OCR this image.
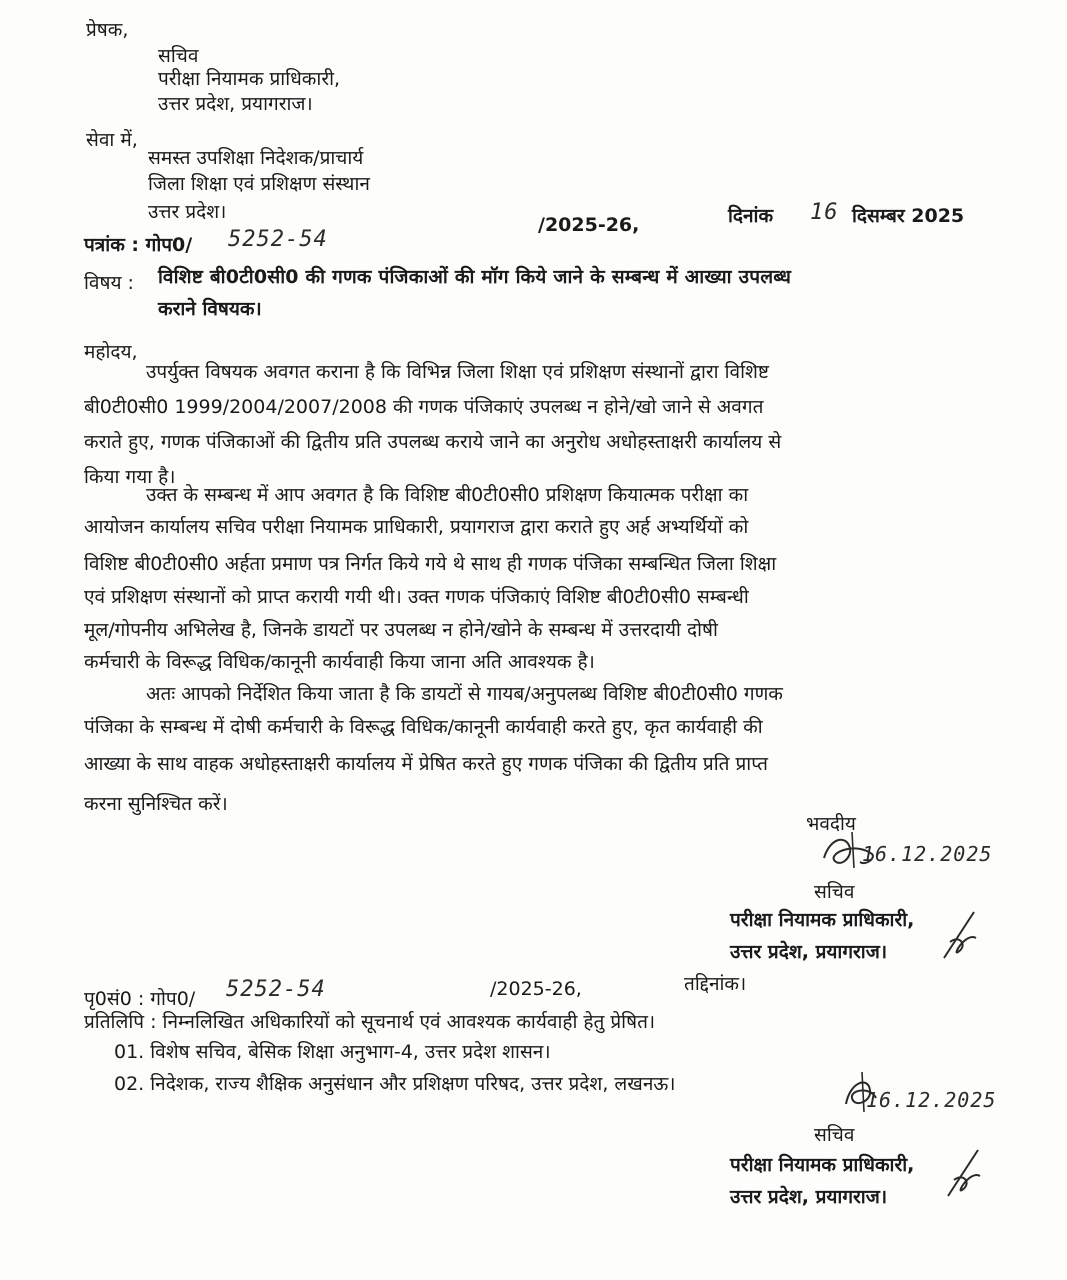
प्रेषक,
सचिव
परीक्षा नियामक प्राधिकारी,
उत्तर प्रदेश, प्रयागराज।
सेवा में,
समस्त उपशिक्षा निदेशक/प्राचार्य
जिला शिक्षा एवं प्रशिक्षण संस्थान
उत्तर प्रदेश।
पत्रांक : गोप0/ 5252-54
/2025-26,	दिनांक 16 दिसम्बर 2025
विषय : विशिष्ट बी0टी0सी0 की गणक पंजिकाओं की मॉग किये जाने के सम्बन्ध में आख्या उपलब्ध
कराने विषयक।
महोदय,
उपर्युक्त विषयक अवगत कराना है कि विभिन्न जिला शिक्षा एवं प्रशिक्षण संस्थानों द्वारा विशिष्ट
बी0टी0सी0 1999/2004/2007/2008 की गणक पंजिकाएं उपलब्ध न होने/खो जाने से अवगत
कराते हुए, गणक पंजिकाओं की द्वितीय प्रति उपलब्ध कराये जाने का अनुरोध अधोहस्ताक्षरी कार्यालय से
किया गया है।
उक्त के सम्बन्ध में आप अवगत है कि विशिष्ट बी0टी0सी0 प्रशिक्षण कियात्मक परीक्षा का
आयोजन कार्यालय सचिव परीक्षा नियामक प्राधिकारी, प्रयागराज द्वारा कराते हुए अर्ह अभ्यर्थियों को
विशिष्ट बी0टी0सी0 अर्हता प्रमाण पत्र निर्गत किये गये थे साथ ही गणक पंजिका सम्बन्धित जिला शिक्षा
एवं प्रशिक्षण संस्थानों को प्राप्त करायी गयी थी। उक्त गणक पंजिकाएं विशिष्ट बी0टी0सी0 सम्बन्धी
मूल/गोपनीय अभिलेख है, जिनके डायटों पर उपलब्ध न होने/खोने के सम्बन्ध में उत्तरदायी दोषी
कर्मचारी के विरूद्ध विधिक/कानूनी कार्यवाही किया जाना अति आवश्यक है।
अतः आपको निर्देशित किया जाता है कि डायटों से गायब/अनुपलब्ध विशिष्ट बी0टी0सी0 गणक
पंजिका के सम्बन्ध में दोषी कर्मचारी के विरूद्ध विधिक/कानूनी कार्यवाही करते हुए, कृत कार्यवाही की
आख्या के साथ वाहक अधोहस्ताक्षरी कार्यालय में प्रेषित करते हुए गणक पंजिका की द्वितीय प्रति प्राप्त
करना सुनिश्चित करें।
भवदीय
16.12.2025
सचिव
परीक्षा नियामक प्राधिकारी,
उत्तर प्रदेश, प्रयागराज।
पृ0सं0 : गोप0/ 5252-54	/2025-26,	तद्दिनांक।
प्रतिलिपि : निम्नलिखित अधिकारियों को सूचनार्थ एवं आवश्यक कार्यवाही हेतु प्रेषित।
01. विशेष सचिव, बेसिक शिक्षा अनुभाग-4, उत्तर प्रदेश शासन।
02. निदेशक, राज्य शैक्षिक अनुसंधान और प्रशिक्षण परिषद, उत्तर प्रदेश, लखनऊ।
16.12.2025
सचिव
परीक्षा नियामक प्राधिकारी,
उत्तर प्रदेश, प्रयागराज।
